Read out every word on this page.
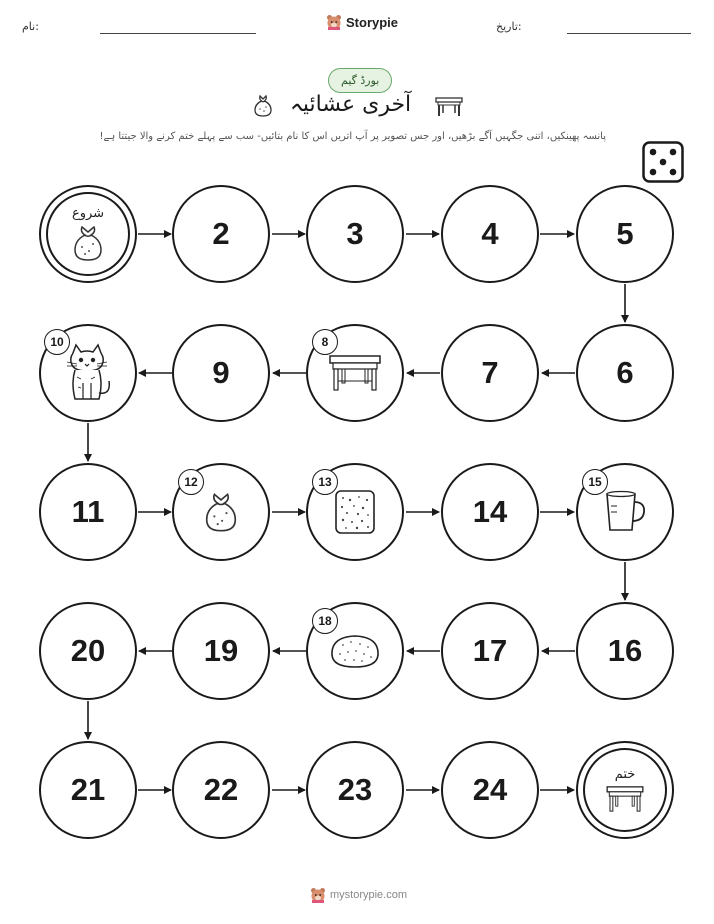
نام:	Storypie	تاریخ:
بورڈ گیم
آخری عشائیہ
پانسہ پھینکیں، اتنی جگہیں آگے بڑھیں، اور جس تصویر پر آپ اتریں اس کا نام بتائیں- سب سے پہلے ختم کرنے والا جیتتا ہے!
شروع
2	3	4	5
10
9
8
7	6
11
12	13
14
15
20	19
18
17	16
21	22	23	24	ختم
mystorypie.com
